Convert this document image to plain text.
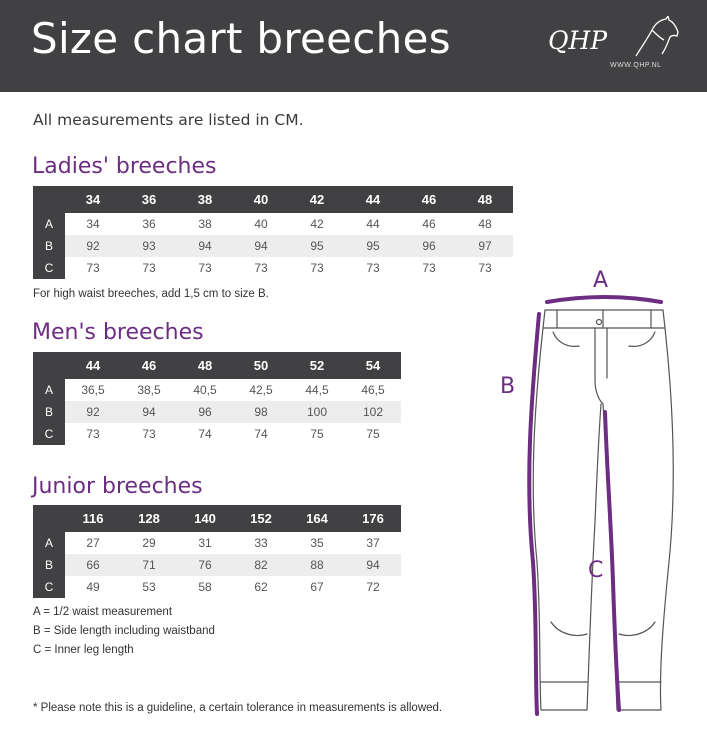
Size chart breeches	QHP
WWW.QHP.NL
All measurements are listed in CM.
Ladies' breeches
	34	36	38	40	42	44	46	48
A	34	36	38	40	42	44	46	48
B	92	93	94	94	95	95	96	97
C	73	73	73	73	73	73	73	73
For high waist breeches, add 1,5 cm to size B.
Men's breeches
	44	46	48	50	52	54
A	36,5	38,5	40,5	42,5	44,5	46,5
B	92	94	96	98	100	102
C	73	73	74	74	75	75
Junior breeches
	116	128	140	152	164	176
A	27	29	31	33	35	37
B	66	71	76	82	88	94
C	49	53	58	62	67	72
A = 1/2 waist measurement
B = Side length including waistband
C = Inner leg length
* Please note this is a guideline, a certain tolerance in measurements is allowed.
A
B
C
